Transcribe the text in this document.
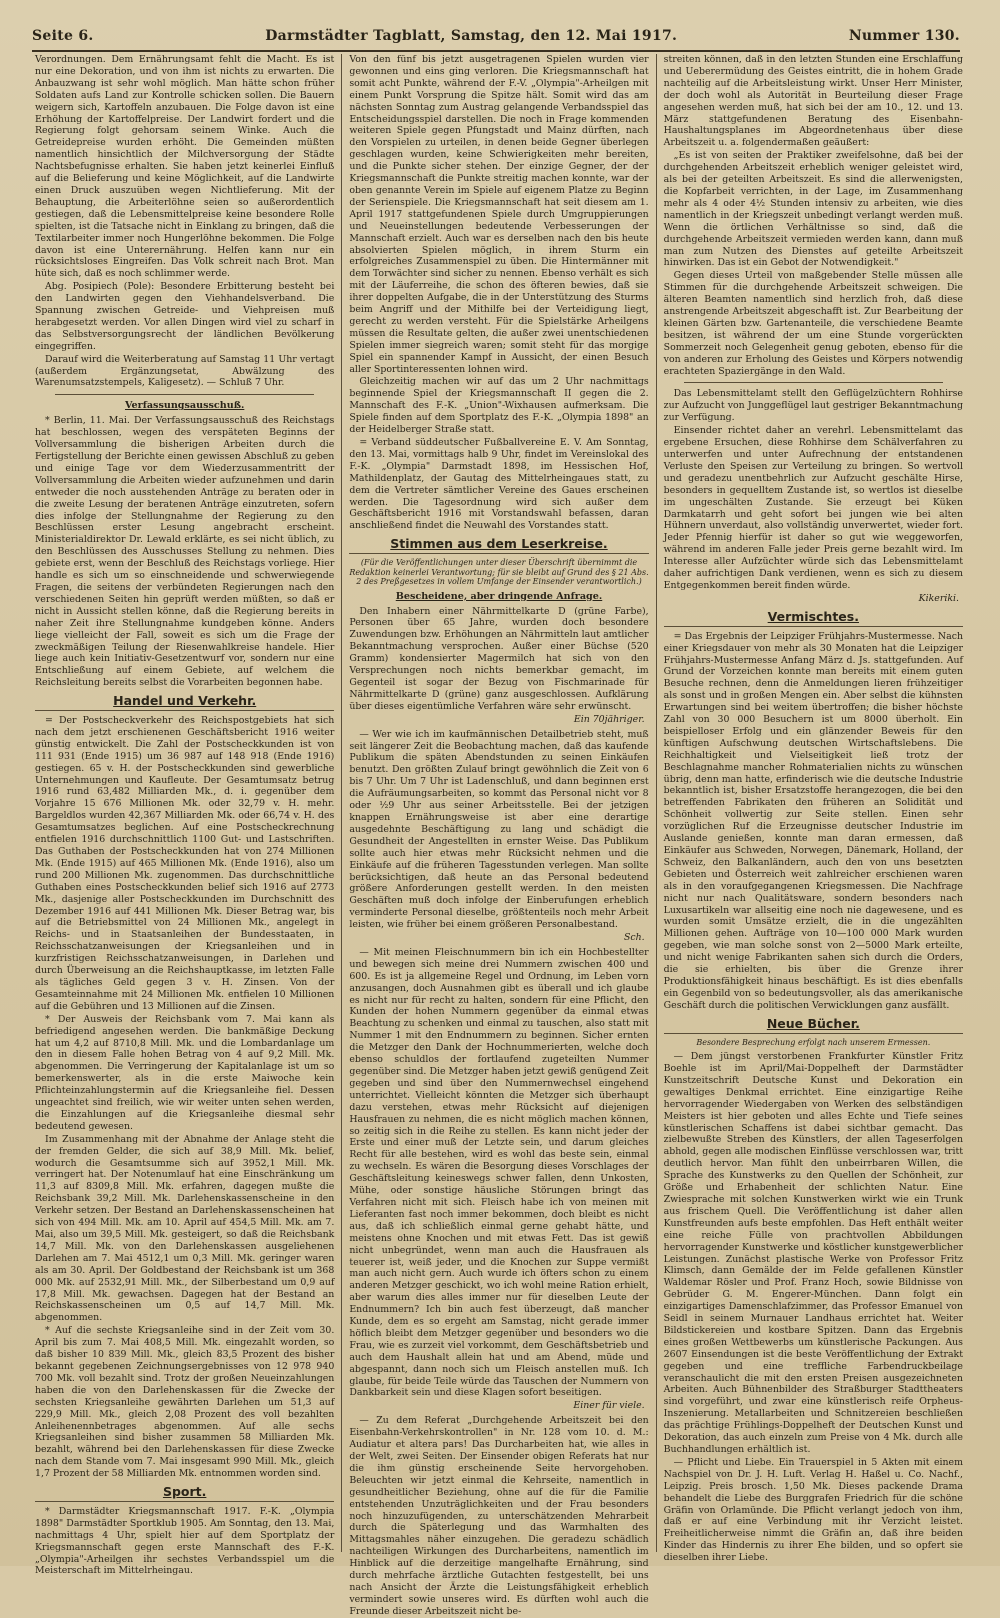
Seite 6.	Darmstädter Tagblatt, Samstag, den 12. Mai 1917.	Nummer 130.

Verordnungen. Dem Ernährungsamt fehlt die Macht. Es ist nur eine Dekoration, und von ihm ist nichts zu erwarten. Die Anbauzwang ist sehr wohl möglich. Man hätte schon früher Soldaten aufs Land zur Kontrolle schicken sollen. Die Bauern weigern sich, Kartoffeln anzubauen. Die Folge davon ist eine Erhöhung der Kartoffelpreise. Der Landwirt fordert und die Regierung folgt gehorsam seinem Winke. Auch die Getreidepreise wurden erhöht. Die Gemeinden müßten namentlich hinsichtlich der Milchversorgung der Städte Nachtsbefugnisse erhalten. Sie haben jetzt keinerlei Einfluß auf die Belieferung und keine Möglichkeit, auf die Landwirte einen Druck auszuüben wegen Nichtlieferung. Mit der Behauptung, die Arbeiterlöhne seien so außerordentlich gestiegen, daß die Lebensmittelpreise keine besondere Rolle spielten, ist die Tatsache nicht in Einklang zu bringen, daß die Textilarbeiter immer noch Hungerlöhne bekommen. Die Folge davon ist eine Unterernährung. Helfen kann nur ein rücksichtsloses Eingreifen. Das Volk schreit nach Brot. Man hüte sich, daß es noch schlimmer werde.

Abg. Posipiech (Pole): Besondere Erbitterung besteht bei den Landwirten gegen den Viehhandelsverband. Die Spannung zwischen Getreide- und Viehpreisen muß herabgesetzt werden. Vor allen Dingen wird viel zu scharf in das Selbstversorgungsrecht der ländlichen Bevölkerung eingegriffen.

Darauf wird die Weiterberatung auf Samstag 11 Uhr vertagt (außerdem Ergänzungsetat, Abwälzung des Warenumsatzstempels, Kaligesetz). — Schluß 7 Uhr.

Verfassungsausschuß.

* Berlin, 11. Mai. Der Verfassungsausschuß des Reichstags hat beschlossen, wegen des verspäteten Beginns der Vollversammlung die bisherigen Arbeiten durch die Fertigstellung der Berichte einen gewissen Abschluß zu geben und einige Tage vor dem Wiederzusammentritt der Vollversammlung die Arbeiten wieder aufzunehmen und darin entweder die noch ausstehenden Anträge zu beraten oder in die zweite Lesung der beratenen Anträge einzutreten, sofern dies infolge der Stellungnahme der Regierung zu den Beschlüssen erster Lesung angebracht erscheint. Ministerialdirektor Dr. Lewald erklärte, es sei nicht üblich, zu den Beschlüssen des Ausschusses Stellung zu nehmen. Dies gebiete erst, wenn der Beschluß des Reichstags vorliege. Hier handle es sich um so einschneidende und schwerwiegende Fragen, die seitens der verbündeten Regierungen nach den verschiedenen Seiten hin geprüft werden müßten, so daß er nicht in Aussicht stellen könne, daß die Regierung bereits in naher Zeit ihre Stellungnahme kundgeben könne. Anders liege vielleicht der Fall, soweit es sich um die Frage der zweckmäßigen Teilung der Riesenwahlkreise handele. Hier liege auch kein Initiativ-Gesetzentwurf vor, sondern nur eine Entschließung auf einem Gebiete, auf welchem die Reichsleitung bereits selbst die Vorarbeiten begonnen habe.

Handel und Verkehr.

= Der Postscheckverkehr des Reichspostgebiets hat sich nach dem jetzt erschienenen Geschäftsbericht 1916 weiter günstig entwickelt. Die Zahl der Postscheckkunden ist von 111 931 (Ende 1915) um 36 987 auf 148 918 (Ende 1916) gestiegen. 65 v. H. der Postscheckkunden sind gewerbliche Unternehmungen und Kaufleute. Der Gesamtumsatz betrug 1916 rund 63,482 Milliarden Mk., d. i. gegenüber dem Vorjahre 15 676 Millionen Mk. oder 32,79 v. H. mehr. Bargeldlos wurden 42,367 Milliarden Mk. oder 66,74 v. H. des Gesamtumsatzes beglichen. Auf eine Postscheckrechnung entfielen 1916 durchschnittlich 1100 Gut- und Lastschriften. Das Guthaben der Postscheckkunden hat von 274 Millionen Mk. (Ende 1915) auf 465 Millionen Mk. (Ende 1916), also um rund 200 Millionen Mk. zugenommen. Das durchschnittliche Guthaben eines Postscheckkunden belief sich 1916 auf 2773 Mk., dasjenige aller Postscheckkunden im Durchschnitt des Dezember 1916 auf 441 Millionen Mk. Dieser Betrag war, bis auf die Betriebsmittel von 24 Millionen Mk., angelegt in Reichs- und in Staatsanleihen der Bundesstaaten, in Reichsschatzanweisungen der Kriegsanleihen und in kurzfristigen Reichsschatzanweisungen, in Darlehen und durch Überweisung an die Reichshauptkasse, im letzten Falle als tägliches Geld gegen 3 v. H. Zinsen. Von der Gesamteinnahme mit 24 Millionen Mk. entfielen 10 Millionen auf die Gebühren und 13 Millionen auf die Zinsen.

* Der Ausweis der Reichsbank vom 7. Mai kann als befriedigend angesehen werden. Die bankmäßige Deckung hat um 4,2 auf 8710,8 Mill. Mk. und die Lombardanlage um den in diesem Falle hohen Betrag von 4 auf 9,2 Mill. Mk. abgenommen. Die Verringerung der Kapitalanlage ist um so bemerkenswerter, als in die erste Maiwoche kein Pflichteinzahlungstermin auf die Kriegsanleihe fiel. Dessen ungeachtet sind freilich, wie wir weiter unten sehen werden, die Einzahlungen auf die Kriegsanleihe diesmal sehr bedeutend gewesen.

Im Zusammenhang mit der Abnahme der Anlage steht die der fremden Gelder, die sich auf 38,9 Mill. Mk. belief, wodurch die Gesamtsumme sich auf 3952,1 Mill. Mk. verringert hat. Der Notenumlauf hat eine Einschränkung um 11,3 auf 8309,8 Mill. Mk. erfahren, dagegen mußte die Reichsbank 39,2 Mill. Mk. Darlehenskassenscheine in den Verkehr setzen. Der Bestand an Darlehenskassenscheinen hat sich von 494 Mill. Mk. am 10. April auf 454,5 Mill. Mk. am 7. Mai, also um 39,5 Mill. Mk. gesteigert, so daß die Reichsbank 14,7 Mill. Mk. von den Darlehenskassen ausgeliehenen Darlehen am 7. Mai 4512,1 um 0,3 Mill. Mk. geringer waren als am 30. April. Der Goldbestand der Reichsbank ist um 368 000 Mk. auf 2532,91 Mill. Mk., der Silberbestand um 0,9 auf 17,8 Mill. Mk. gewachsen. Dagegen hat der Bestand an Reichskassenscheinen um 0,5 auf 14,7 Mill. Mk. abgenommen.

* Auf die sechste Kriegsanleihe sind in der Zeit vom 30. April bis zum 7. Mai 408,5 Mill. Mk. eingezahlt worden, so daß bisher 10 839 Mill. Mk., gleich 83,5 Prozent des bisher bekannt gegebenen Zeichnungsergebnisses von 12 978 940 700 Mk. voll bezahlt sind. Trotz der großen Neueinzahlungen haben die von den Darlehenskassen für die Zwecke der sechsten Kriegsanleihe gewährten Darlehen um 51,3 auf 229,9 Mill. Mk., gleich 2,08 Prozent des voll bezahlten Anleihenennbetrages abgenommen. Auf alle sechs Kriegsanleihen sind bisher zusammen 58 Milliarden Mk. bezahlt, während bei den Darlehenskassen für diese Zwecke nach dem Stande vom 7. Mai insgesamt 990 Mill. Mk., gleich 1,7 Prozent der 58 Milliarden Mk. entnommen worden sind.

Sport.

* Darmstädter Kriegsmannschaft 1917. F.-K. „Olympia 1898" Darmstädter Sportklub 1905. Am Sonntag, den 13. Mai, nachmittags 4 Uhr, spielt hier auf dem Sportplatz der Kriegsmannschaft gegen erste Mannschaft des F.-K. „Olympia"-Arheilgen ihr sechstes Verbandsspiel um die Meisterschaft im Mittelrheingau.

Von den fünf bis jetzt ausgetragenen Spielen wurden vier gewonnen und eins ging verloren. Die Kriegsmannschaft hat somit acht Punkte, während der F.-V. „Olympia"-Arheilgen mit einem Punkt Vorsprung die Spitze hält. Somit wird das am nächsten Sonntag zum Austrag gelangende Verbandsspiel das Entscheidungsspiel darstellen. Die noch in Frage kommenden weiteren Spiele gegen Pfungstadt und Mainz dürften, nach den Vorspielen zu urteilen, in denen beide Gegner überlegen geschlagen wurden, keine Schwierigkeiten mehr bereiten, und die Punkte sicher stehen. Der einzige Gegner, der der Kriegsmannschaft die Punkte streitig machen konnte, war der oben genannte Verein im Spiele auf eigenem Platze zu Beginn der Serienspiele. Die Kriegsmannschaft hat seit diesem am 1. April 1917 stattgefundenen Spiele durch Umgruppierungen und Neueinstellungen bedeutende Verbesserungen der Mannschaft erzielt. Auch war es derselben nach den bis heute absolvierten Spielen möglich, in ihrem Sturm ein erfolgreiches Zusammenspiel zu üben. Die Hintermänner mit dem Torwächter sind sicher zu nennen. Ebenso verhält es sich mit der Läuferreihe, die schon des öfteren bewies, daß sie ihrer doppelten Aufgabe, die in der Unterstützung des Sturms beim Angriff und der Mithilfe bei der Verteidigung liegt, gerecht zu werden versteht. Für die Spielstärke Arheilgens müssen die Resultate gelten, die außer zwei unentschiedenen Spielen immer siegreich waren; somit steht für das morgige Spiel ein spannender Kampf in Aussicht, der einen Besuch aller Sportinteressenten lohnen wird.

Gleichzeitig machen wir auf das um 2 Uhr nachmittags beginnende Spiel der Kriegsmannschaft II gegen die 2. Mannschaft des F.-K. „Union"-Wixhausen aufmerksam. Die Spiele finden auf dem Sportplatz des F.-K. „Olympia 1898" an der Heidelberger Straße statt.

= Verband süddeutscher Fußballvereine E. V. Am Sonntag, den 13. Mai, vormittags halb 9 Uhr, findet im Vereinslokal des F.-K. „Olympia" Darmstadt 1898, im Hessischen Hof, Mathildenplatz, der Gautag des Mittelrheingaues statt, zu dem die Vertreter sämtlicher Vereine des Gaues erscheinen werden. Die Tagesordnung wird sich außer dem Geschäftsbericht 1916 mit Vorstandswahl befassen, daran anschließend findet die Neuwahl des Vorstandes statt.

Stimmen aus dem Leserkreise.
(Für die Veröffentlichungen unter dieser Überschrift übernimmt die Redaktion keinerlei Verantwortung; für sie bleibt auf Grund des § 21 Abs. 2 des Preßgesetzes in vollem Umfange der Einsender verantwortlich.)
Bescheidene, aber dringende Anfrage.

Den Inhabern einer Nährmittelkarte D (grüne Farbe), Personen über 65 Jahre, wurden doch besondere Zuwendungen bzw. Erhöhungen an Nährmitteln laut amtlicher Bekanntmachung versprochen. Außer einer Büchse (520 Gramm) kondensierter Magermilch hat sich von den Versprechungen noch nichts bemerkbar gemacht, im Gegenteil ist sogar der Bezug von Fischmarinade für Nährmittelkarte D (grüne) ganz ausgeschlossen. Aufklärung über dieses eigentümliche Verfahren wäre sehr erwünscht.

Ein 70jähriger.

— Wer wie ich im kaufmännischen Detailbetrieb steht, muß seit längerer Zeit die Beobachtung machen, daß das kaufende Publikum die späten Abendstunden zu seinen Einkäufen benutzt. Den größten Zulauf bringt gewöhnlich die Zeit von 6 bis 7 Uhr. Um 7 Uhr ist Ladenschluß, und dann beginnen erst die Aufräumungsarbeiten, so kommt das Personal nicht vor 8 oder ½9 Uhr aus seiner Arbeitsstelle. Bei der jetzigen knappen Ernährungsweise ist aber eine derartige ausgedehnte Beschäftigung zu lang und schädigt die Gesundheit der Angestellten in ernster Weise. Das Publikum sollte auch hier etwas mehr Rücksicht nehmen und die Einkäufe auf die früheren Tagesstunden verlegen. Man sollte berücksichtigen, daß heute an das Personal bedeutend größere Anforderungen gestellt werden. In den meisten Geschäften muß doch infolge der Einberufungen erheblich verminderte Personal dieselbe, größtenteils noch mehr Arbeit leisten, wie früher bei einem größeren Personalbestand.

Sch.

— Mit meinen Fleischnummern bin ich ein Hochbestellter und bewegen sich meine drei Nummern zwischen 400 und 600. Es ist ja allgemeine Regel und Ordnung, im Leben vorn anzusangen, doch Ausnahmen gibt es überall und ich glaube es nicht nur für recht zu halten, sondern für eine Pflicht, den Kunden der hohen Nummern gegenüber da einmal etwas Beachtung zu schenken und einmal zu tauschen, also statt mit Nummer 1 mit den Endnummern zu beginnen. Sicher ernten die Metzger den Dank der Hochnummerierten, welche doch ebenso schuldlos der fortlaufend zugeteilten Nummer gegenüber sind. Die Metzger haben jetzt gewiß genügend Zeit gegeben und sind über den Nummernwechsel eingehend unterrichtet. Vielleicht könnten die Metzger sich überhaupt dazu verstehen, etwas mehr Rücksicht auf diejenigen Hausfrauen zu nehmen, die es nicht möglich machen können, so zeitig sich in die Reihe zu stellen. Es kann nicht jeder der Erste und einer muß der Letzte sein, und darum gleiches Recht für alle bestehen, wird es wohl das beste sein, einmal zu wechseln. Es wären die Besorgung dieses Vorschlages der Geschäftsleitung keineswegs schwer fallen, denn Unkosten, Mühe, oder sonstige häusliche Störungen bringt das Verfahren nicht mit sich. Fleisch habe ich von meinen mit Lieferanten fast noch immer bekommen, doch bleibt es nicht aus, daß ich schließlich einmal gerne gehabt hätte, und meistens ohne Knochen und mit etwas Fett. Das ist gewiß nicht unbegründet, wenn man auch die Hausfrauen als teuerer ist, weiß jeder, und die Knochen zur Suppe vermißt man auch nicht gern. Auch wurde ich öfters schon zu einem anderen Metzger geschickt, wo ich wohl meine Ration erhielt, aber warum dies alles immer nur für dieselben Leute der Endnummern? Ich bin auch fest überzeugt, daß mancher Kunde, dem es so ergeht am Samstag, nicht gerade immer höflich bleibt dem Metzger gegenüber und besonders wo die Frau, wie es zurzeit viel vorkommt, dem Geschäftsbetrieb und auch dem Haushalt allein hat und am Abend, müde und abgespannt, dann noch sich um Fleisch anstellen muß. Ich glaube, für beide Teile würde das Tauschen der Nummern von Dankbarkeit sein und diese Klagen sofort beseitigen.

Einer für viele.

— Zu dem Referat „Durchgehende Arbeitszeit bei den Eisenbahn-Verkehrskontrollen" in Nr. 128 vom 10. d. M.: Audiatur et altera pars! Das Durcharbeiten hat, wie alles in der Welt, zwei Seiten. Der Einsender obigen Referats hat nur die ihm günstig erscheinende Seite hervorgehoben. Beleuchten wir jetzt einmal die Kehrseite, namentlich in gesundheitlicher Beziehung, ohne auf die für die Familie entstehenden Unzuträglichkeiten und der Frau besonders noch hinzuzufügenden, zu unterschätzenden Mehrarbeit durch die Späterlegung und das Warmhalten des Mittagsmahles näher einzugehen. Die geradezu schädlich nachteiligen Wirkungen des Durcharbeitens, namentlich im Hinblick auf die derzeitige mangelhafte Ernährung, sind durch mehrfache ärztliche Gutachten festgestellt, bei uns nach Ansicht der Ärzte die Leistungsfähigkeit erheblich vermindert sowie unseres wird. Es dürften wohl auch die Freunde dieser Arbeitszeit nicht be-

streiten können, daß in den letzten Stunden eine Erschlaffung und Ueberermüdung des Geistes eintritt, die in hohem Grade nachteilig auf die Arbeitsleistung wirkt. Unser Herr Minister, der doch wohl als Autorität in Beurteilung dieser Frage angesehen werden muß, hat sich bei der am 10., 12. und 13. März stattgefundenen Beratung des Eisenbahn-Haushaltungsplanes im Abgeordnetenhaus über diese Arbeitszeit u. a. folgendermaßen geäußert:

„Es ist von seiten der Praktiker zweifelsohne, daß bei der durchgehenden Arbeitszeit erheblich weniger geleistet wird, als bei der geteilten Arbeitszeit. Es sind die allerwenigsten, die Kopfarbeit verrichten, in der Lage, im Zusammenhang mehr als 4 oder 4½ Stunden intensiv zu arbeiten, wie dies namentlich in der Kriegszeit unbedingt verlangt werden muß. Wenn die örtlichen Verhältnisse so sind, daß die durchgehende Arbeitszeit vermieden werden kann, dann muß man zum Nutzen des Dienstes auf geteilte Arbeitszeit hinwirken. Das ist ein Gebot der Notwendigkeit."

Gegen dieses Urteil von maßgebender Stelle müssen alle Stimmen für die durchgehende Arbeitszeit schweigen. Die älteren Beamten namentlich sind herzlich froh, daß diese anstrengende Arbeitszeit abgeschafft ist. Zur Bearbeitung der kleinen Gärten bzw. Gartenanteile, die verschiedene Beamte besitzen, ist während der um eine Stunde vorgerückten Sommerzeit noch Gelegenheit genug geboten, ebenso für die von anderen zur Erholung des Geistes und Körpers notwendig erachteten Spaziergänge in den Wald.

Das Lebensmittelamt stellt den Geflügelzüchtern Rohhirse zur Aufzucht von Junggeflügel laut gestriger Bekanntmachung zur Verfügung.

Einsender richtet daher an verehrl. Lebensmittelamt das ergebene Ersuchen, diese Rohhirse dem Schälverfahren zu unterwerfen und unter Aufrechnung der entstandenen Verluste den Speisen zur Verteilung zu bringen. So wertvoll und geradezu unentbehrlich zur Aufzucht geschälte Hirse, besonders in gequelltem Zustande ist, so wertlos ist dieselbe im ungeschälten Zustande. Sie erzeugt bei Küken Darmkatarrh und geht sofort bei jungen wie bei alten Hühnern unverdaut, also vollständig unverwertet, wieder fort. Jeder Pfennig hierfür ist daher so gut wie weggeworfen, während im anderen Falle jeder Preis gerne bezahlt wird. Im Interesse aller Aufzüchter würde sich das Lebensmittelamt daher aufrichtigen Dank verdienen, wenn es sich zu diesem Entgegenkommen bereit finden würde.

Kikeriki.
Vermischtes.

= Das Ergebnis der Leipziger Frühjahrs-Mustermesse. Nach einer Kriegsdauer von mehr als 30 Monaten hat die Leipziger Frühjahrs-Mustermesse Anfang März d. Js. stattgefunden. Auf Grund der Vorzeichen konnte man bereits mit einem guten Besuche rechnen, denn die Anmeldungen lieren frühzeitiger als sonst und in großen Mengen ein. Aber selbst die kühnsten Erwartungen sind bei weitem übertroffen; die bisher höchste Zahl von 30 000 Besuchern ist um 8000 überholt. Ein beispielloser Erfolg und ein glänzender Beweis für den künftigen Aufschwung deutschen Wirtschaftslebens. Die Reichhaltigkeit und Vielseitigkeit ließ trotz der Beschlagnahme mancher Rohmaterialien nichts zu wünschen übrig, denn man hatte, erfinderisch wie die deutsche Industrie bekanntlich ist, bisher Ersatzstoffe herangezogen, die bei den betreffenden Fabrikaten den früheren an Solidität und Schönheit vollwertig zur Seite stellen. Einen sehr vorzüglichen Ruf die Erzeugnisse deutscher Industrie im Auslande genießen, konnte man daran ermessen, daß Einkäufer aus Schweden, Norwegen, Dänemark, Holland, der Schweiz, den Balkanländern, auch den von uns besetzten Gebieten und Österreich weit zahlreicher erschienen waren als in den voraufgegangenen Kriegsmessen. Die Nachfrage nicht nur nach Qualitätsware, sondern besonders nach Luxusartikeln war allseitig eine noch nie dagewesene, und es wurden somit Umsätze erzielt, die in die ungezählten Millionen gehen. Aufträge von 10—100 000 Mark wurden gegeben, wie man solche sonst von 2—5000 Mark erteilte, und nicht wenige Fabrikanten sahen sich durch die Orders, die sie erhielten, bis über die Grenze ihrer Produktionsfähigkeit hinaus beschäftigt. Es ist dies ebenfalls ein Gegenbild von so bedeutungsvoller, als das amerikanische Geschäft durch die politischen Verwicklungen ganz ausfällt.

Neue Bücher.
Besondere Besprechung erfolgt nach unserem Ermessen.

— Dem jüngst verstorbenen Frankfurter Künstler Fritz Boehle ist im April/Mai-Doppelheft der Darmstädter Kunstzeitschrift Deutsche Kunst und Dekoration ein gewaltiges Denkmal errichtet. Eine einzigartige Reihe hervorragender Wiedergaben von Werken des selbständigen Meisters ist hier geboten und alles Echte und Tiefe seines künstlerischen Schaffens ist dabei sichtbar gemacht. Das zielbewußte Streben des Künstlers, der allen Tageserfolgen abhold, gegen alle modischen Einflüsse verschlossen war, tritt deutlich hervor. Man fühlt den unbeirrbaren Willen, die Sprache des Kunstwerks zu den Quellen der Schönheit, zur Größe und Erhabenheit der schlichten Natur. Eine Zwiesprache mit solchen Kunstwerken wirkt wie ein Trunk aus frischem Quell. Die Veröffentlichung ist daher allen Kunstfreunden aufs beste empfohlen. Das Heft enthält weiter eine reiche Fülle von prachtvollen Abbildungen hervorragender Kunstwerke und köstlicher kunstgewerblicher Leistungen. Zunächst plastische Werke von Professor Fritz Klimsch, dann Gemälde der im Felde gefallenen Künstler Waldemar Rösler und Prof. Franz Hoch, sowie Bildnisse von Gebrüder G. M. Engerer-München. Dann folgt ein einzigartiges Damenschlafzimmer, das Professor Emanuel von Seidl in seinem Murnauer Landhaus errichtet hat. Weiter Bildstickereien und kostbare Spitzen. Dann das Ergebnis eines großen Wettbewerbs um künstlerische Packungen. Aus 2607 Einsendungen ist die beste Veröffentlichung der Extrakt gegeben und eine treffliche Farbendruckbeilage veranschaulicht die mit den ersten Preisen ausgezeichneten Arbeiten. Auch Bühnenbilder des Straßburger Stadttheaters sind vorgeführt, und zwar eine künstlerisch reife Orpheus-Inszenierung. Metallarbeiten und Schnitzereien beschließen das prächtige Frühlings-Doppelheft der Deutschen Kunst und Dekoration, das auch einzeln zum Preise von 4 Mk. durch alle Buchhandlungen erhältlich ist.

— Pflicht und Liebe. Ein Trauerspiel in 5 Akten mit einem Nachspiel von Dr. J. H. Luft. Verlag H. Haßel u. Co. Nachf., Leipzig. Preis brosch. 1,50 Mk. Dieses packende Drama behandelt die Liebe des Burggrafen Friedrich für die schöne Gräfin von Orlamünde. Die Pflicht verlangt jedoch von ihm, daß er auf eine Verbindung mit ihr Verzicht leistet. Freiheitlicherweise nimmt die Gräfin an, daß ihre beiden Kinder das Hindernis zu ihrer Ehe bilden, und so opfert sie dieselben ihrer Liebe.
